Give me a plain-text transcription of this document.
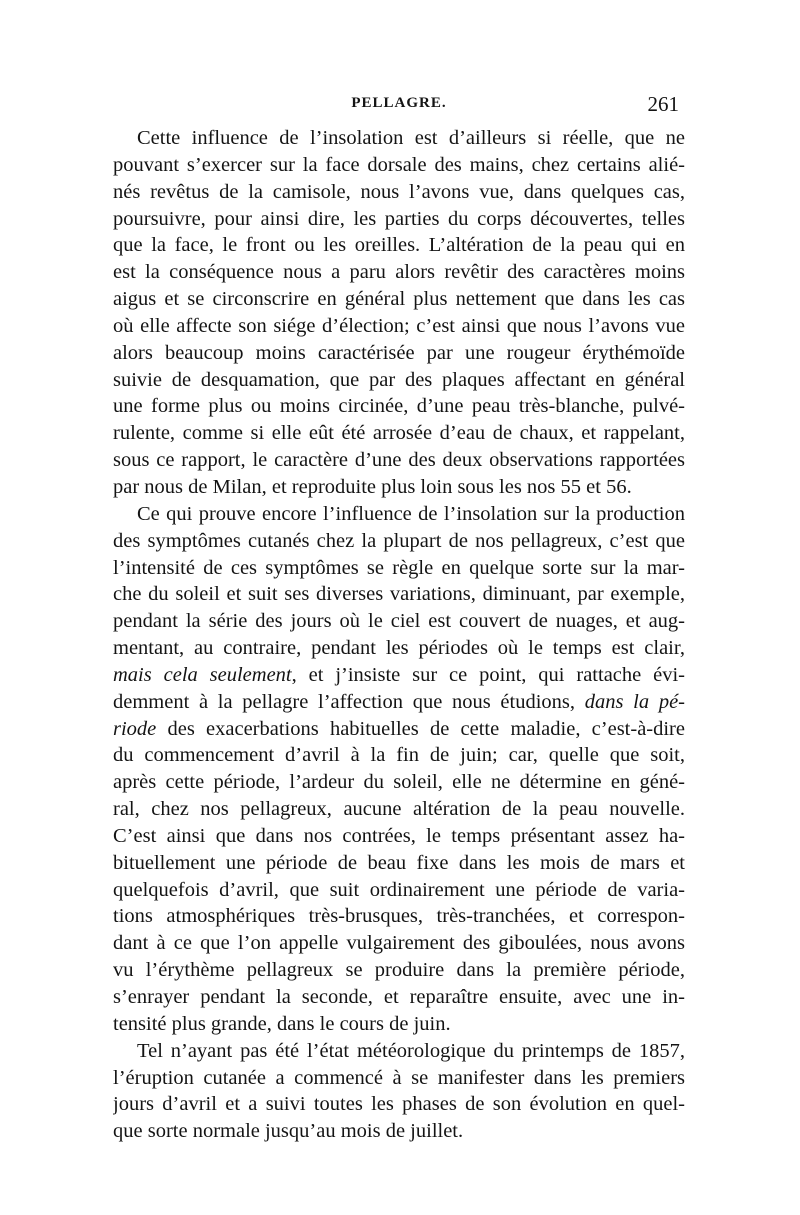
PELLAGRE.	261
Cette influence de l’insolation est d’ailleurs si réelle, que ne
pouvant s’exercer sur la face dorsale des mains, chez certains alié-
nés revêtus de la camisole, nous l’avons vue, dans quelques cas,
poursuivre, pour ainsi dire, les parties du corps découvertes, telles
que la face, le front ou les oreilles. L’altération de la peau qui en
est la conséquence nous a paru alors revêtir des caractères moins
aigus et se circonscrire en général plus nettement que dans les cas
où elle affecte son siége d’élection; c’est ainsi que nous l’avons vue
alors beaucoup moins caractérisée par une rougeur érythémoïde
suivie de desquamation, que par des plaques affectant en général
une forme plus ou moins circinée, d’une peau très-blanche, pulvé-
rulente, comme si elle eût été arrosée d’eau de chaux, et rappelant,
sous ce rapport, le caractère d’une des deux observations rapportées
par nous de Milan, et reproduite plus loin sous les nos 55 et 56.
Ce qui prouve encore l’influence de l’insolation sur la production
des symptômes cutanés chez la plupart de nos pellagreux, c’est que
l’intensité de ces symptômes se règle en quelque sorte sur la mar-
che du soleil et suit ses diverses variations, diminuant, par exemple,
pendant la série des jours où le ciel est couvert de nuages, et aug-
mentant, au contraire, pendant les périodes où le temps est clair,
mais cela seulement, et j’insiste sur ce point, qui rattache évi-
demment à la pellagre l’affection que nous étudions, dans la pé-
riode des exacerbations habituelles de cette maladie, c’est-à-dire
du commencement d’avril à la fin de juin; car, quelle que soit,
après cette période, l’ardeur du soleil, elle ne détermine en géné-
ral, chez nos pellagreux, aucune altération de la peau nouvelle.
C’est ainsi que dans nos contrées, le temps présentant assez ha-
bituellement une période de beau fixe dans les mois de mars et
quelquefois d’avril, que suit ordinairement une période de varia-
tions atmosphériques très-brusques, très-tranchées, et correspon-
dant à ce que l’on appelle vulgairement des giboulées, nous avons
vu l’érythème pellagreux se produire dans la première période,
s’enrayer pendant la seconde, et reparaître ensuite, avec une in-
tensité plus grande, dans le cours de juin.
Tel n’ayant pas été l’état météorologique du printemps de 1857,
l’éruption cutanée a commencé à se manifester dans les premiers
jours d’avril et a suivi toutes les phases de son évolution en quel-
que sorte normale jusqu’au mois de juillet.
